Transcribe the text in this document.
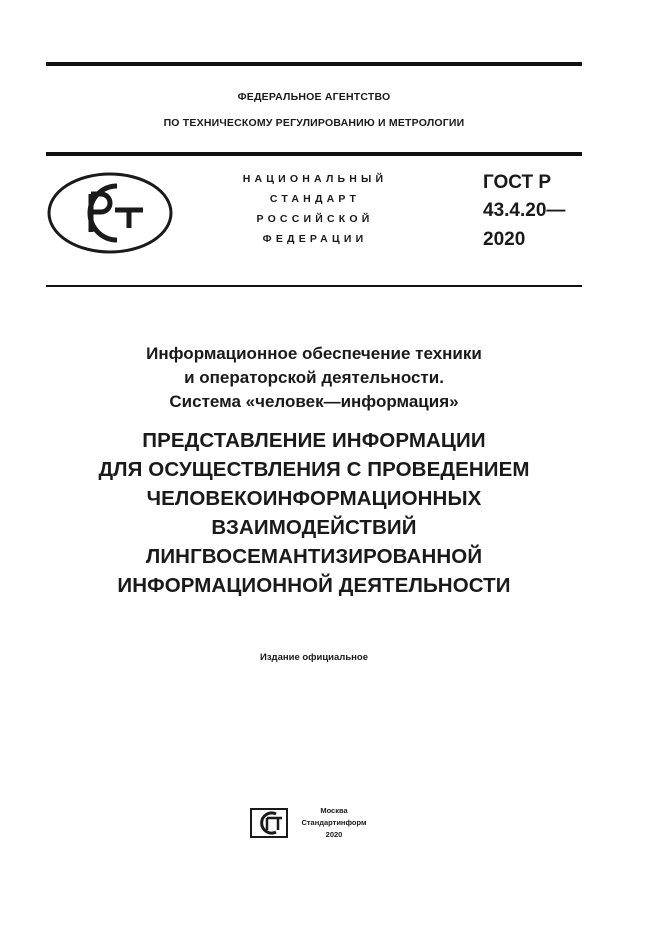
ФЕДЕРАЛЬНОЕ АГЕНТСТВО
ПО ТЕХНИЧЕСКОМУ РЕГУЛИРОВАНИЮ И МЕТРОЛОГИИ
НАЦИОНАЛЬНЫЙ
СТАНДАРТ
РОССИЙСКОЙ
ФЕДЕРАЦИИ
ГОСТ Р
43.4.20—
2020
Информационное обеспечение техники
и операторской деятельности.
Система «человек—информация»
ПРЕДСТАВЛЕНИЕ ИНФОРМАЦИИ
ДЛЯ ОСУЩЕСТВЛЕНИЯ С ПРОВЕДЕНИЕМ
ЧЕЛОВЕКОИНФОРМАЦИОННЫХ
ВЗАИМОДЕЙСТВИЙ
ЛИНГВОСЕМАНТИЗИРОВАННОЙ
ИНФОРМАЦИОННОЙ ДЕЯТЕЛЬНОСТИ
Издание официальное
Москва
Стандартинформ
2020
